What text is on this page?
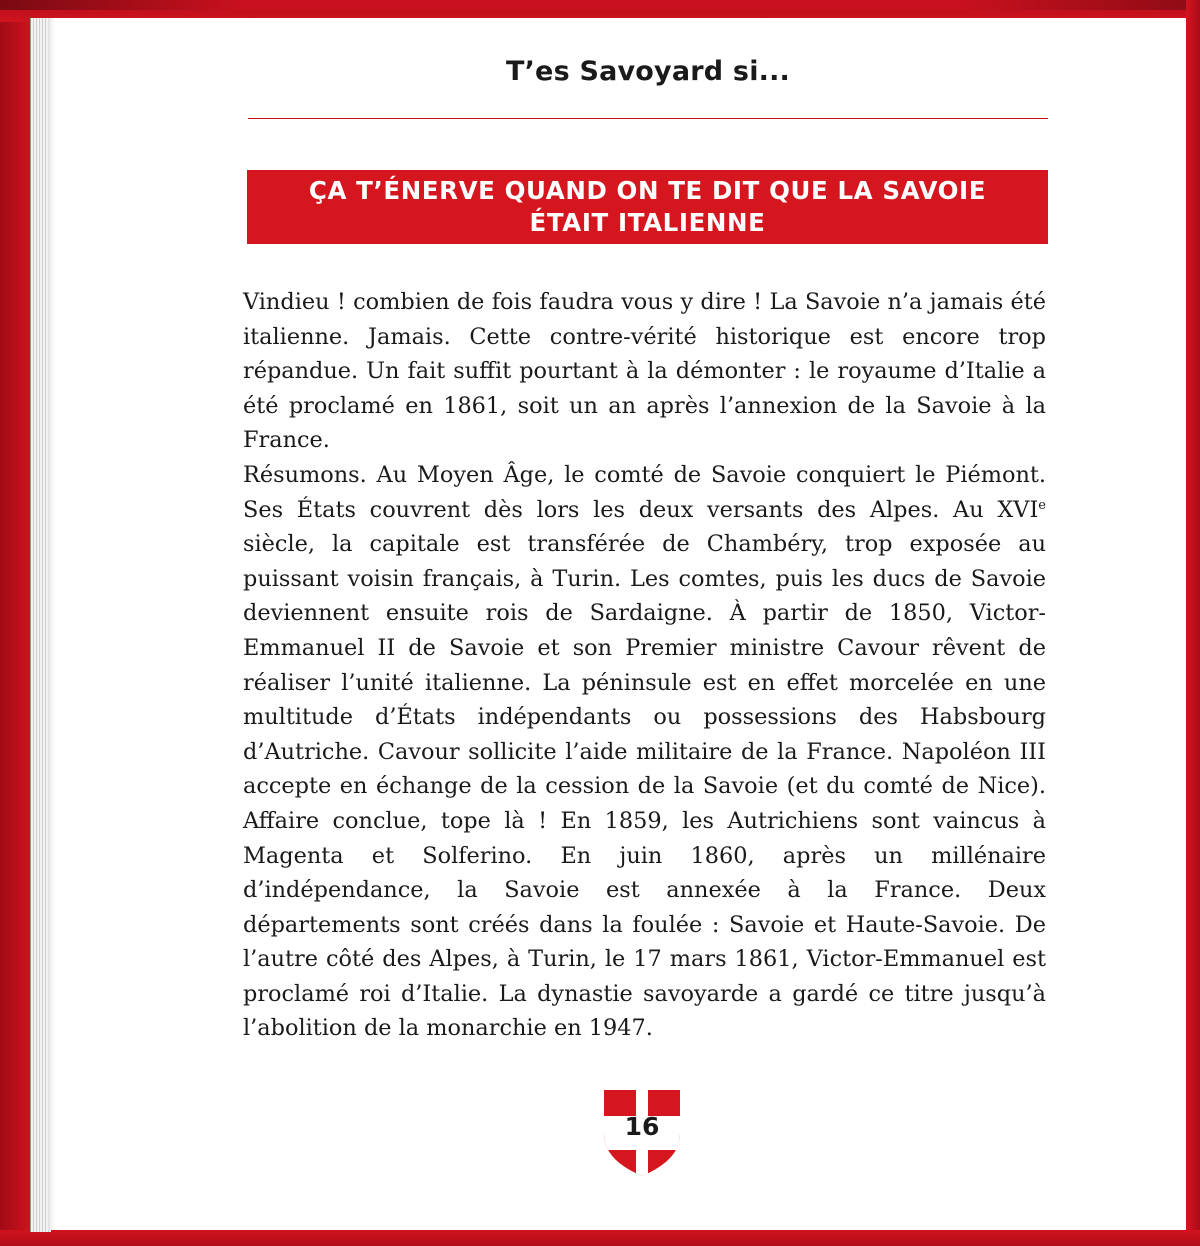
T’es Savoyard si...
ÇA T’ÉNERVE QUAND ON TE DIT QUE LA SAVOIE
ÉTAIT ITALIENNE

Vindieu ! combien de fois faudra vous y dire ! La Savoie n’a jamais été italienne. Jamais. Cette contre-vérité historique est encore trop répandue. Un fait suffit pourtant à la démonter : le royaume d’Italie a été proclamé en 1861, soit un an après l’annexion de la Savoie à la France.

Résumons. Au Moyen Âge, le comté de Savoie conquiert le Piémont. Ses États couvrent dès lors les deux versants des Alpes. Au XVIe siècle, la capitale est transférée de Chambéry, trop exposée au puissant voisin français, à Turin. Les comtes, puis les ducs de Savoie deviennent ensuite rois de Sardaigne. À partir de 1850, Victor-Emmanuel II de Savoie et son Premier ministre Cavour rêvent de réaliser l’unité italienne. La péninsule est en effet morcelée en une multitude d’États indépendants ou possessions des Habsbourg d’Autriche. Cavour sollicite l’aide militaire de la France. Napoléon III accepte en échange de la cession de la Savoie (et du comté de Nice). Affaire conclue, tope là ! En 1859, les Autrichiens sont vaincus à Magenta et Solferino. En juin 1860, après un millénaire d’indépendance, la Savoie est annexée à la France. Deux départements sont créés dans la foulée : Savoie et Haute-Savoie. De l’autre côté des Alpes, à Turin, le 17 mars 1861, Victor-Emmanuel est proclamé roi d’Italie. La dynastie savoyarde a gardé ce titre jusqu’à l’abolition de la monarchie en 1947.

16
